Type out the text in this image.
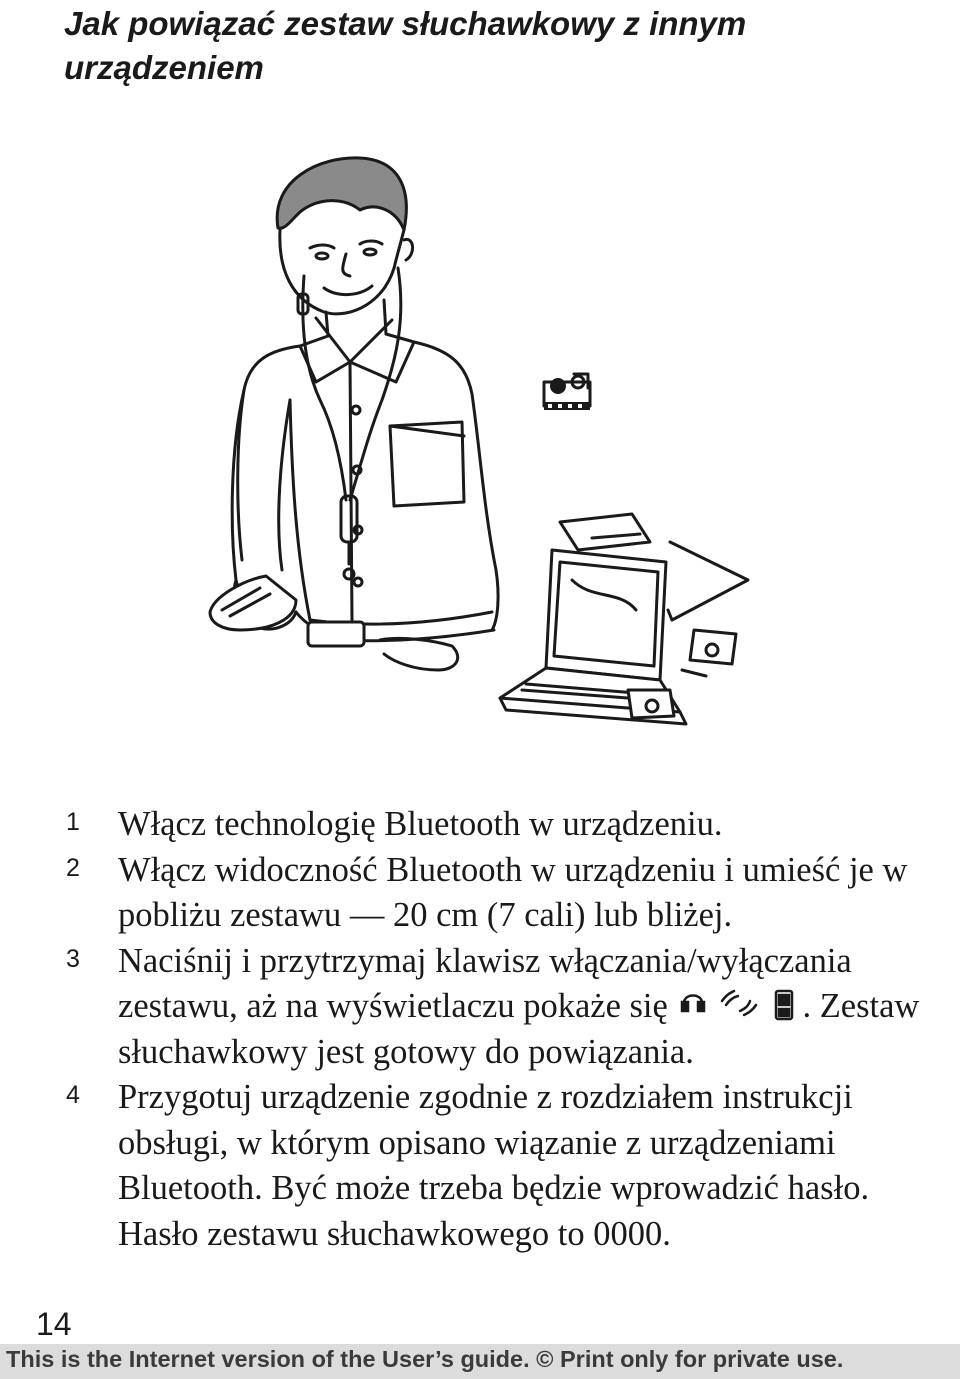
Jak powiązać zestaw słuchawkowy z innym urządzeniem
1 Włącz technologię Bluetooth w urządzeniu.
2 Włącz widoczność Bluetooth w urządzeniu i umieść je w pobliżu zestawu — 20 cm (7 cali) lub bliżej.
3 Naciśnij i przytrzymaj klawisz włączania/wyłączania zestawu, aż na wyświetlaczu pokaże się	. Zestaw słuchawkowy jest gotowy do powiązania.
4 Przygotuj urządzenie zgodnie z rozdziałem instrukcji obsługi, w którym opisano wiązanie z urządzeniami Bluetooth. Być może trzeba będzie wprowadzić hasło. Hasło zestawu słuchawkowego to 0000.
14
This is the Internet version of the User’s guide. © Print only for private use.
